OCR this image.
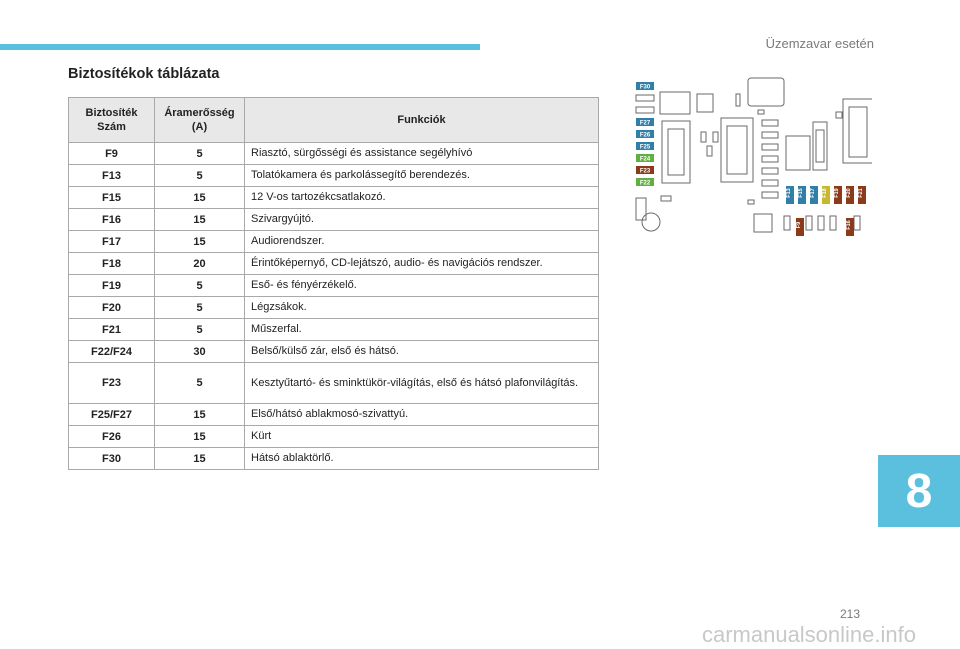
Üzemzavar esetén
Biztosítékok táblázata
Biztosíték Szám	Áramerősség (A)	Funkciók
F9	5	Riasztó, sürgősségi és assistance segélyhívó
F13	5	Tolatókamera és parkolássegítő berendezés.
F15	15	12 V-os tartozékcsatlakozó.
F16	15	Szivargyújtó.
F17	15	Audiorendszer.
F18	20	Érintőképernyő, CD-lejátszó, audio- és navigációs rendszer.
F19	5	Eső- és fényérzékelő.
F20	5	Légzsákok.
F21	5	Műszerfal.
F22/F24	30	Belső/külső zár, első és hátsó.
F23	5	Kesztyűtartó- és sminktükör-világítás, első és hátsó plafonvilágítás.
F25/F27	15	Első/hátsó ablakmosó-szivattyú.
F26	15	Kürt
F30	15	Hátsó ablaktörlő.
F30
F27
F26
F25
F24
F23
F22
F13 F15 F17 F18 F19 F20 F21
F9	F16
8
213
carmanualsonline.info
